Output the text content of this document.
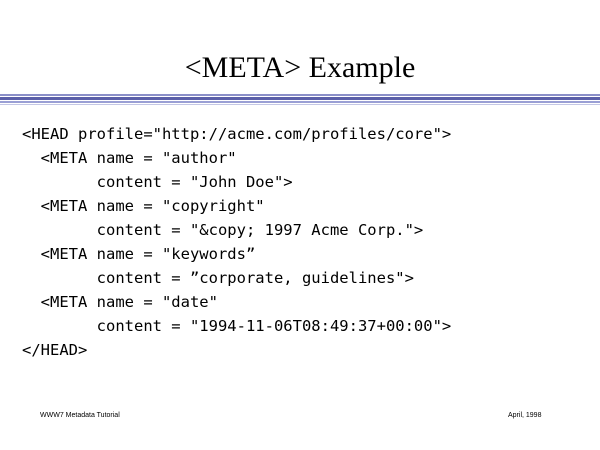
<META> Example
<HEAD profile="http://acme.com/profiles/core">
<META name = "author"
content = "John Doe">
<META name = "copyright"
content = "&copy; 1997 Acme Corp.">
<META name = "keywords”
content = ”corporate, guidelines">
<META name = "date"
content = "1994-11-06T08:49:37+00:00">
</HEAD>
WWW7 Metadata Tutorial	April, 1998
